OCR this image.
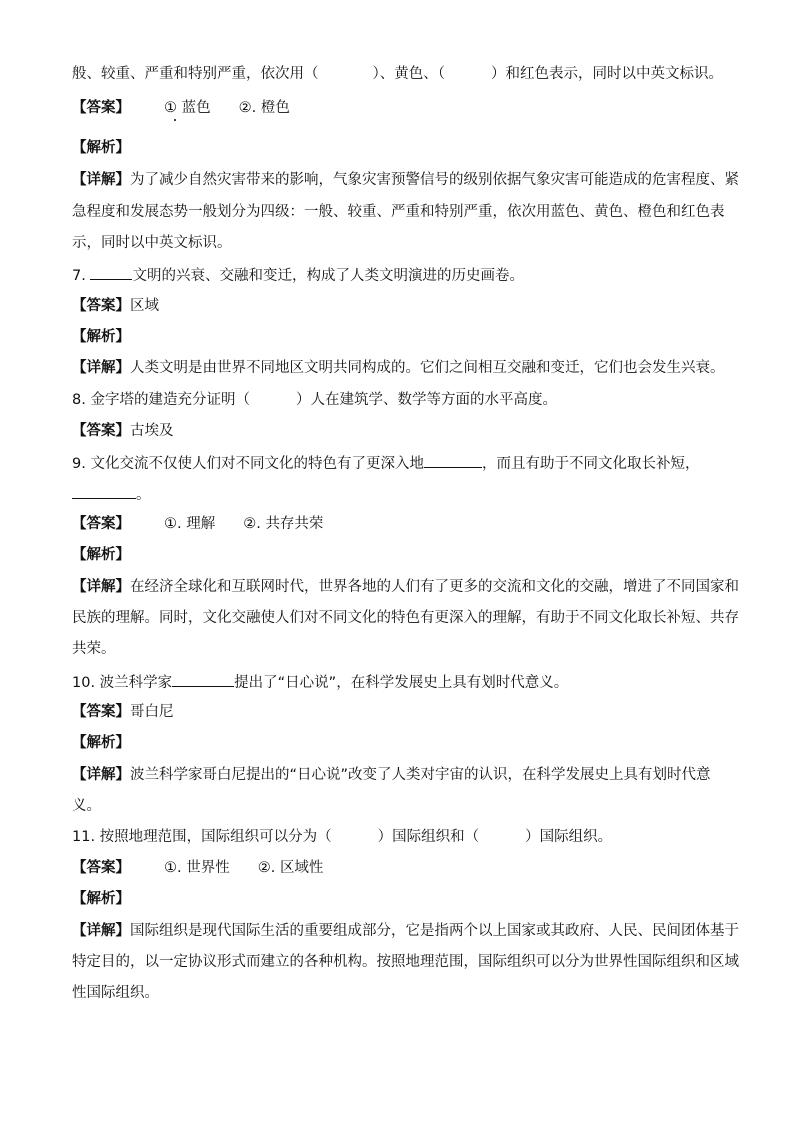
般、较重、严重和特别严重，依次用（	）、黄色、（	）和红色表示，同时以中英文标识。
【答案】 ① 蓝色 ②. 橙色
【解析】
【详解】为了减少自然灾害带来的影响，气象灾害预警信号的级别依据气象灾害可能造成的危害程度、紧
急程度和发展态势一般划分为四级：一般、较重、严重和特别严重，依次用蓝色、黄色、橙色和红色表
示，同时以中英文标识。
7.	文明的兴衰、交融和变迁，构成了人类文明演进的历史画卷。
【答案】区域
【解析】
【详解】人类文明是由世界不同地区文明共同构成的。它们之间相互交融和变迁，它们也会发生兴衰。
8. 金字塔的建造充分证明（	）人在建筑学、数学等方面的水平高度。
【答案】古埃及
9. 文化交流不仅使人们对不同文化的特色有了更深入地	，而且有助于不同文化取长补短，
。
【答案】 ①. 理解 ②. 共存共荣
【解析】
【详解】在经济全球化和互联网时代，世界各地的人们有了更多的交流和文化的交融，增进了不同国家和
民族的理解。同时，文化交融使人们对不同文化的特色有更深入的理解，有助于不同文化取长补短、共存
共荣。
10. 波兰科学家	提出了“日心说”，在科学发展史上具有划时代意义。
【答案】哥白尼
【解析】
【详解】波兰科学家哥白尼提出的“日心说”改变了人类对宇宙的认识，在科学发展史上具有划时代意
义。
11. 按照地理范围，国际组织可以分为（	）国际组织和（	）国际组织。
【答案】 ①. 世界性 ②. 区域性
【解析】
【详解】国际组织是现代国际生活的重要组成部分，它是指两个以上国家或其政府、人民、民间团体基于
特定目的，以一定协议形式而建立的各种机构。按照地理范围，国际组织可以分为世界性国际组织和区域
性国际组织。
